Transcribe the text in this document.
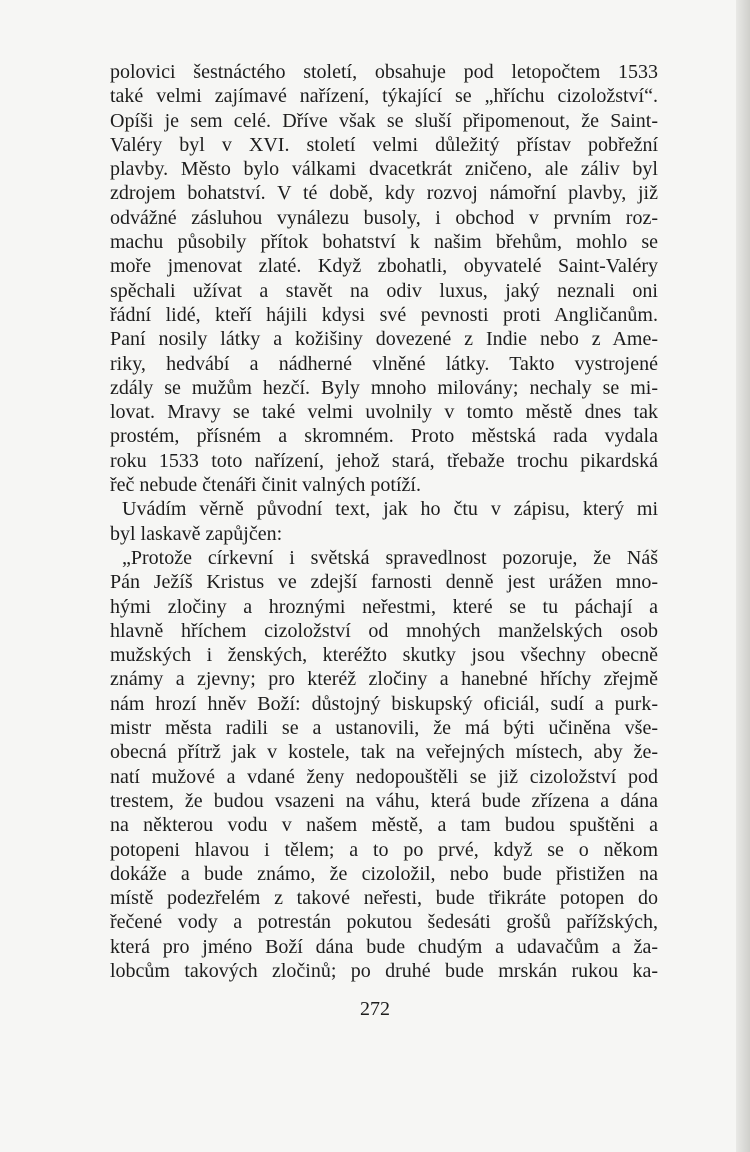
polovici šestnáctého století, obsahuje pod letopočtem 1533
také velmi zajímavé nařízení, týkající se „hříchu cizoložství“.
Opíši je sem celé. Dříve však se sluší připomenout, že Saint-
Valéry byl v XVI. století velmi důležitý přístav pobřežní
plavby. Město bylo válkami dvacetkrát zničeno, ale záliv byl
zdrojem bohatství. V té době, kdy rozvoj námořní plavby, již
odvážné zásluhou vynálezu busoly, i obchod v prvním roz-
machu působily přítok bohatství k našim břehům, mohlo se
moře jmenovat zlaté. Když zbohatli, obyvatelé Saint-Valéry
spěchali užívat a stavět na odiv luxus, jaký neznali oni
řádní lidé, kteří hájili kdysi své pevnosti proti Angličanům.
Paní nosily látky a kožišiny dovezené z Indie nebo z Ame-
riky, hedvábí a nádherné vlněné látky. Takto vystrojené
zdály se mužům hezčí. Byly mnoho milovány; nechaly se mi-
lovat. Mravy se také velmi uvolnily v tomto městě dnes tak
prostém, přísném a skromném. Proto městská rada vydala
roku 1533 toto nařízení, jehož stará, třebaže trochu pikardská
řeč nebude čtenáři činit valných potíží.
Uvádím věrně původní text, jak ho čtu v zápisu, který mi
byl laskavě zapůjčen:
„Protože církevní i světská spravedlnost pozoruje, že Náš
Pán Ježíš Kristus ve zdejší farnosti denně jest urážen mno-
hými zločiny a hroznými neřestmi, které se tu páchají a
hlavně hříchem cizoložství od mnohých manželských osob
mužských i ženských, kteréžto skutky jsou všechny obecně
známy a zjevny; pro kteréž zločiny a hanebné hříchy zřejmě
nám hrozí hněv Boží: důstojný biskupský oficiál, sudí a purk-
mistr města radili se a ustanovili, že má býti učiněna vše-
obecná přítrž jak v kostele, tak na veřejných místech, aby že-
natí mužové a vdané ženy nedopouštěli se již cizoložství pod
trestem, že budou vsazeni na váhu, která bude zřízena a dána
na některou vodu v našem městě, a tam budou spuštěni a
potopeni hlavou i tělem; a to po prvé, když se o někom
dokáže a bude známo, že cizoložil, nebo bude přistižen na
místě podezřelém z takové neřesti, bude třikráte potopen do
řečené vody a potrestán pokutou šedesáti grošů pařížských,
která pro jméno Boží dána bude chudým a udavačům a ža-
lobcům takových zločinů; po druhé bude mrskán rukou ka-
272
